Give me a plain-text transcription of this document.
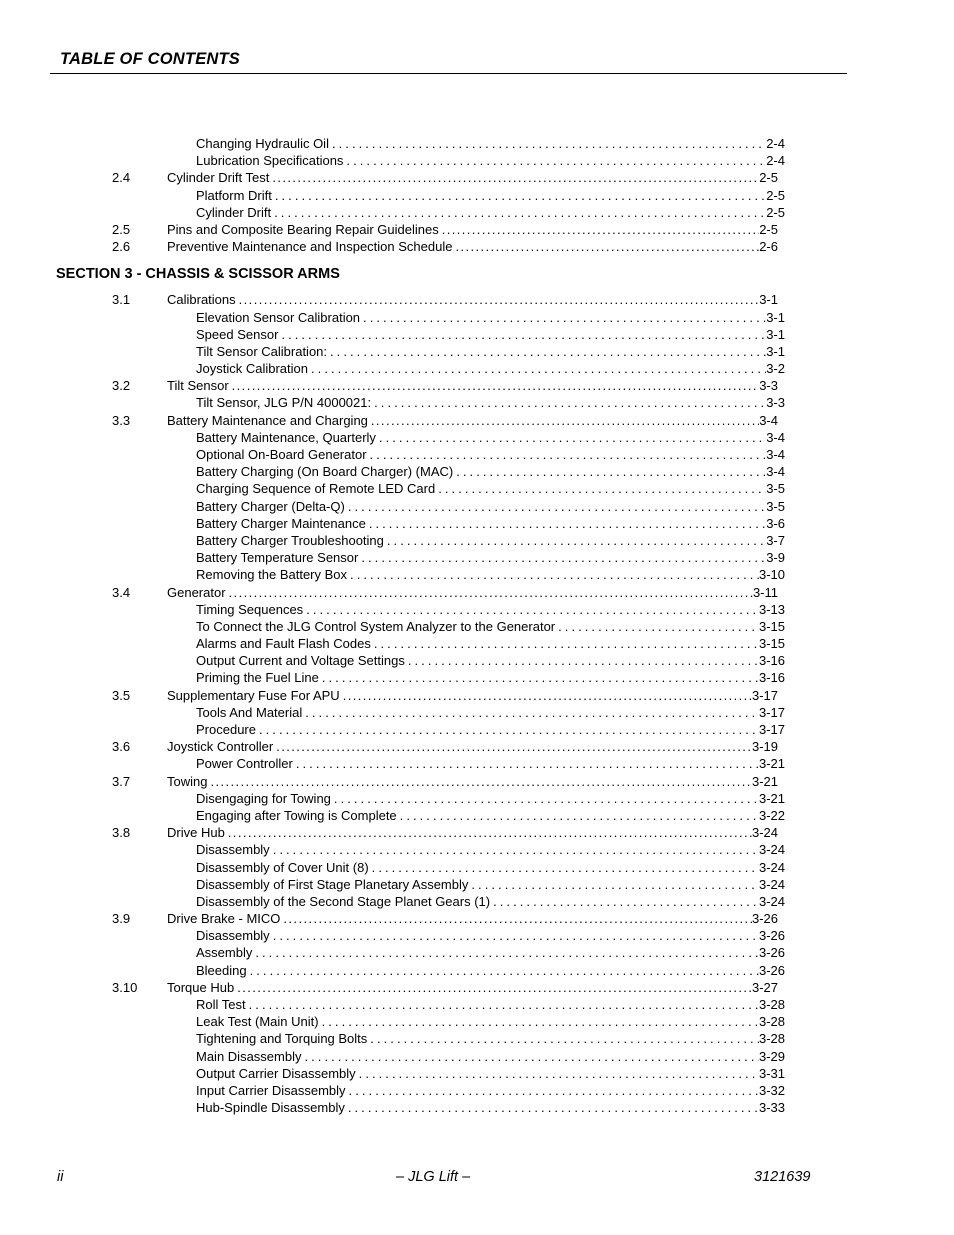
TABLE OF CONTENTS
Changing Hydraulic Oil .....	2-4
Lubrication Specifications .....	2-4
2.4	Cylinder Drift Test .....	2-5
Platform Drift .....	2-5
Cylinder Drift .....	2-5
2.5	Pins and Composite Bearing Repair Guidelines .....	2-5
2.6	Preventive Maintenance and Inspection Schedule .....	2-6
SECTION 3 - CHASSIS & SCISSOR ARMS
3.1	Calibrations .....	3-1
Elevation Sensor Calibration .....	3-1
Speed Sensor .....	3-1
Tilt Sensor Calibration: .....	3-1
Joystick Calibration .....	3-2
3.2	Tilt Sensor .....	3-3
Tilt Sensor, JLG P/N 4000021: .....	3-3
3.3	Battery Maintenance and Charging .....	3-4
Battery Maintenance, Quarterly .....	3-4
Optional On-Board Generator .....	3-4
Battery Charging (On Board Charger) (MAC) .....	3-4
Charging Sequence of Remote LED Card .....	3-5
Battery Charger (Delta-Q) .....	3-5
Battery Charger Maintenance .....	3-6
Battery Charger Troubleshooting .....	3-7
Battery Temperature Sensor .....	3-9
Removing the Battery Box .....	3-10
3.4	Generator .....	3-11
Timing Sequences .....	3-13
To Connect the JLG Control System Analyzer to the Generator .....	3-15
Alarms and Fault Flash Codes .....	3-15
Output Current and Voltage Settings .....	3-16
Priming the Fuel Line .....	3-16
3.5	Supplementary Fuse For APU .....	3-17
Tools And Material .....	3-17
Procedure .....	3-17
3.6	Joystick Controller .....	3-19
Power Controller .....	3-21
3.7	Towing .....	3-21
Disengaging for Towing .....	3-21
Engaging after Towing is Complete .....	3-22
3.8	Drive Hub .....	3-24
Disassembly .....	3-24
Disassembly of Cover Unit (8) .....	3-24
Disassembly of First Stage Planetary Assembly .....	3-24
Disassembly of the Second Stage Planet Gears (1) .....	3-24
3.9	Drive Brake - MICO .....	3-26
Disassembly .....	3-26
Assembly .....	3-26
Bleeding .....	3-26
3.10 Torque Hub .....	3-27
Roll Test .....	3-28
Leak Test (Main Unit) .....	3-28
Tightening and Torquing Bolts .....	3-28
Main Disassembly .....	3-29
Output Carrier Disassembly .....	3-31
Input Carrier Disassembly .....	3-32
Hub-Spindle Disassembly .....	3-33
ii	– JLG Lift –	3121639
